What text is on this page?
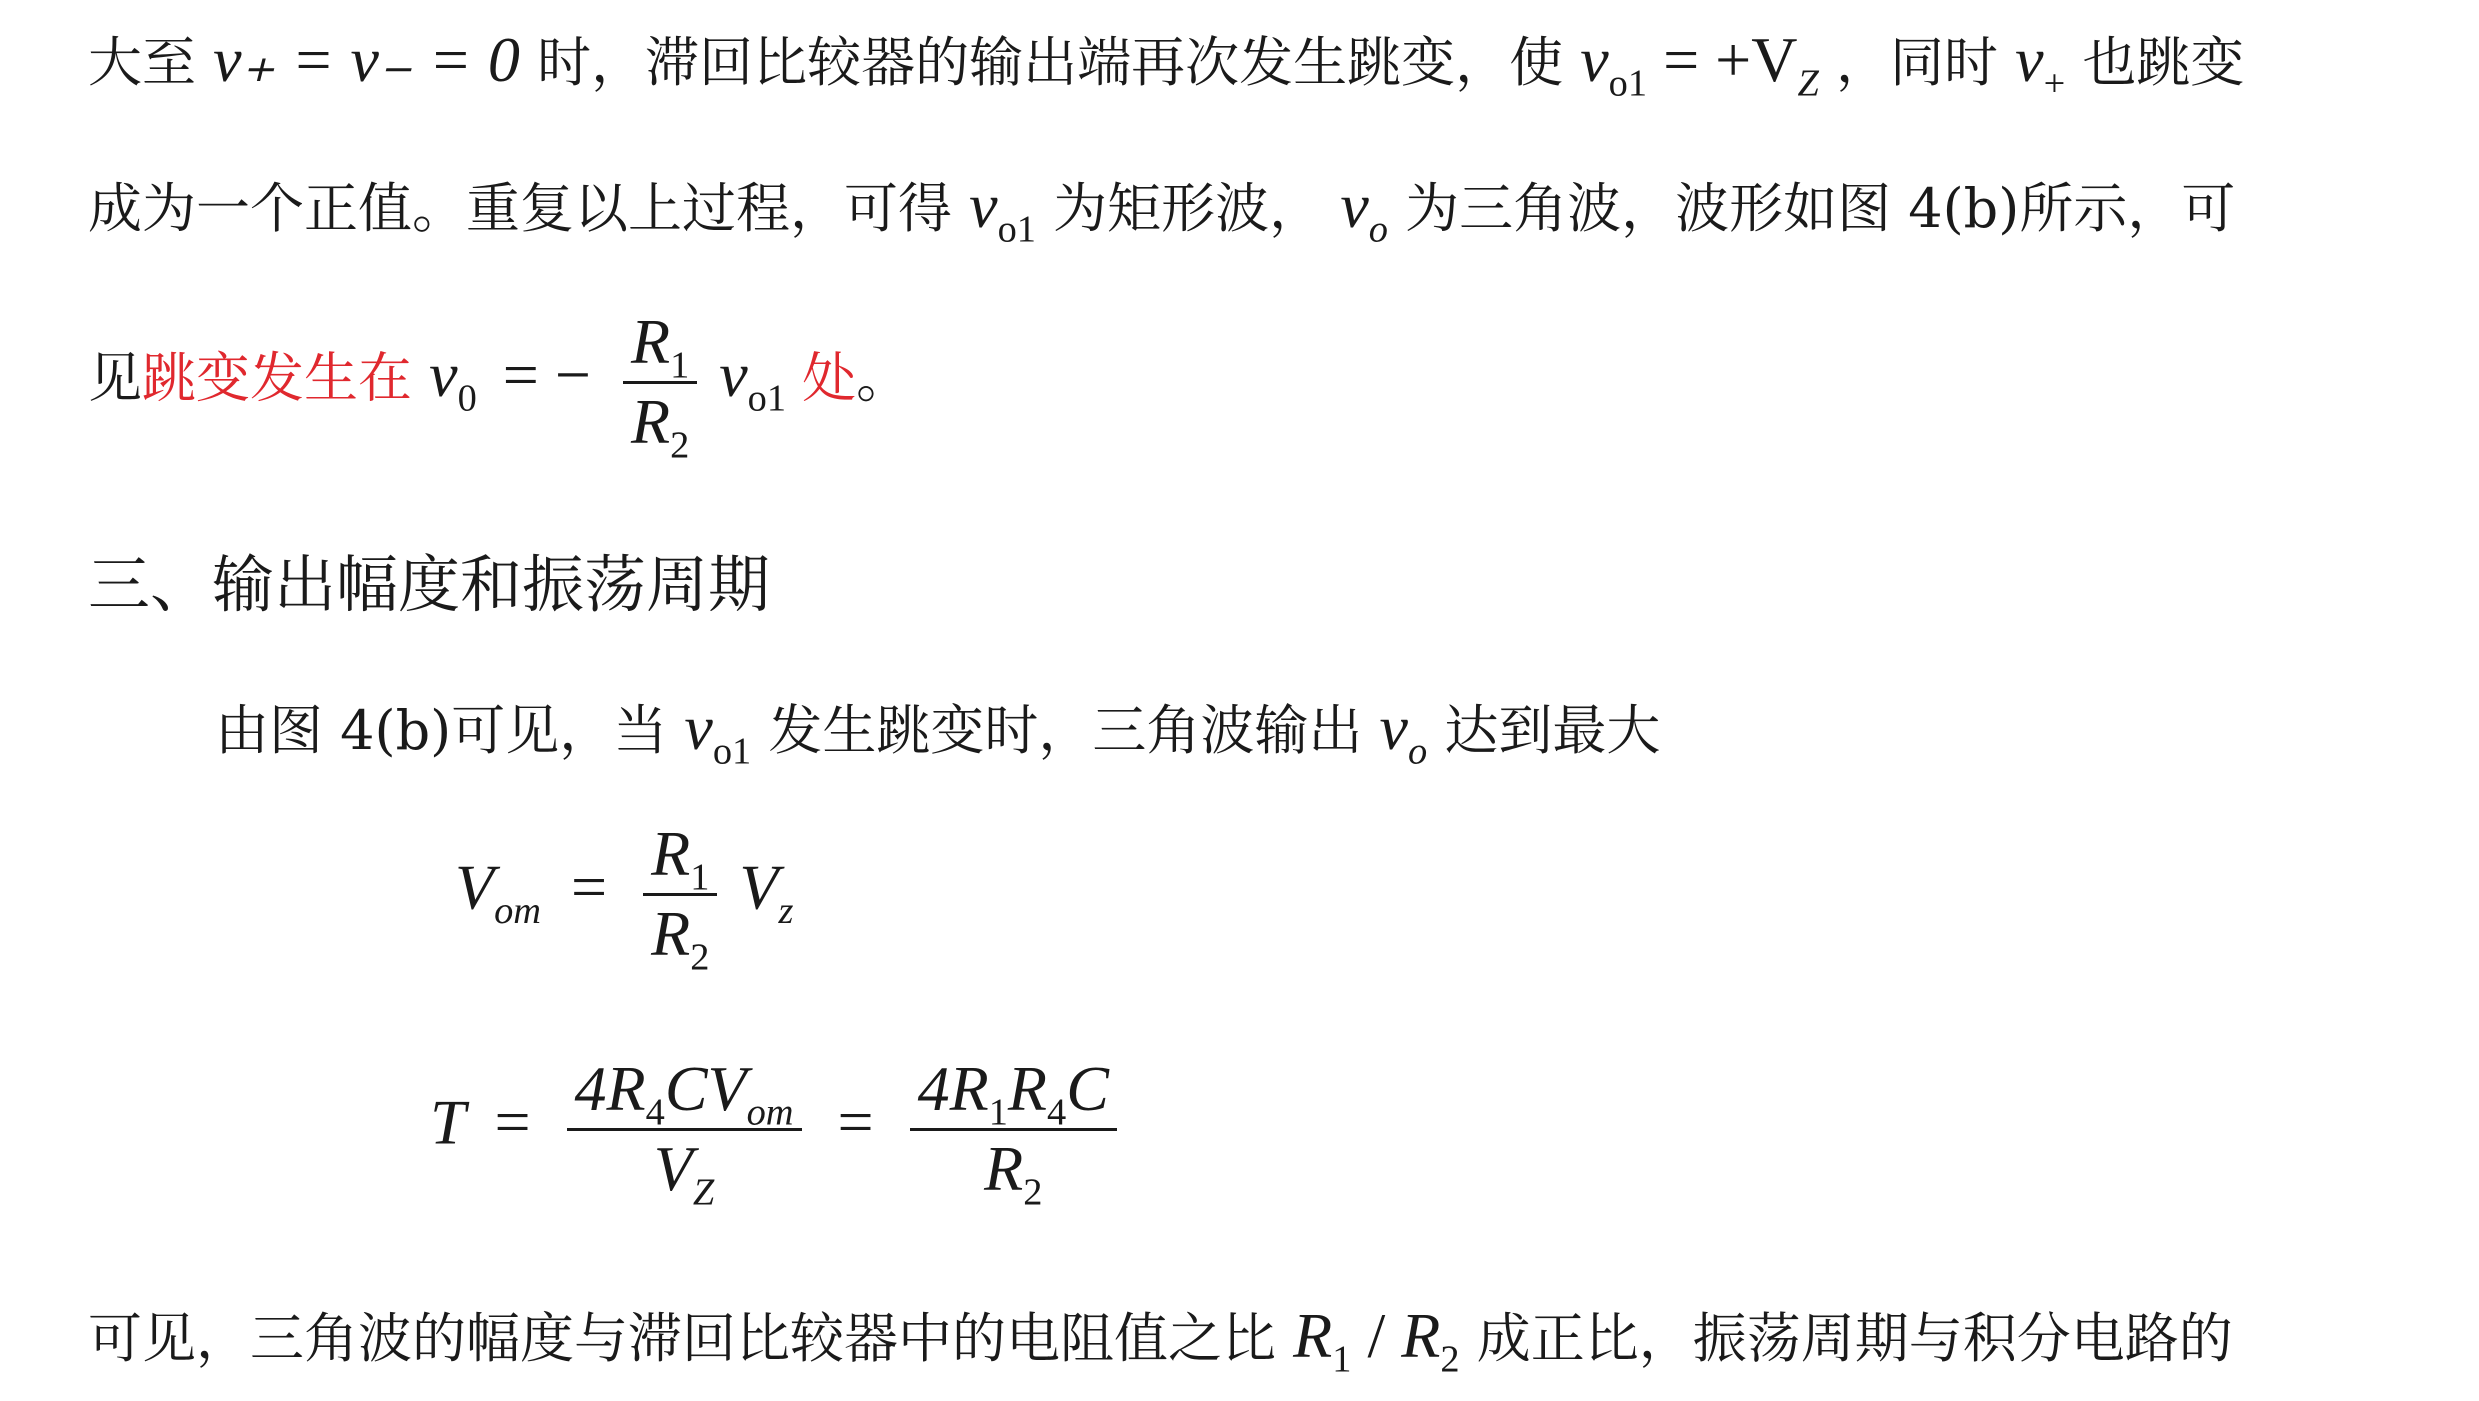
大至 v₊ = v₋ = 0 时，滞回比较器的输出端再次发生跳变，使 $v_{o1} = +V_Z$ ，同时 $v_+$ 也跳变
成为一个正值。重复以上过程，可得 $v_{o1}$ 为矩形波， $v_o$ 为三角波，波形如图 4(b)所示，可
见跳变发生在 $v_0$ = − $\frac{R_1}{R_2} v_{o1}$ 处。
三、输出幅度和振荡周期
由图 4(b)可见，当 $v_{o1}$ 发生跳变时，三角波输出 $v_o$ 达到最大
$V_{om} = \frac{R_1}{R_2} V_z$
$T = \frac{4R_4CV_{om}}{V_Z} = \frac{4R_1R_4C}{R_2}$
可见，三角波的幅度与滞回比较器中的电阻值之比 $R_1 / R_2$ 成正比，振荡周期与积分电路的
